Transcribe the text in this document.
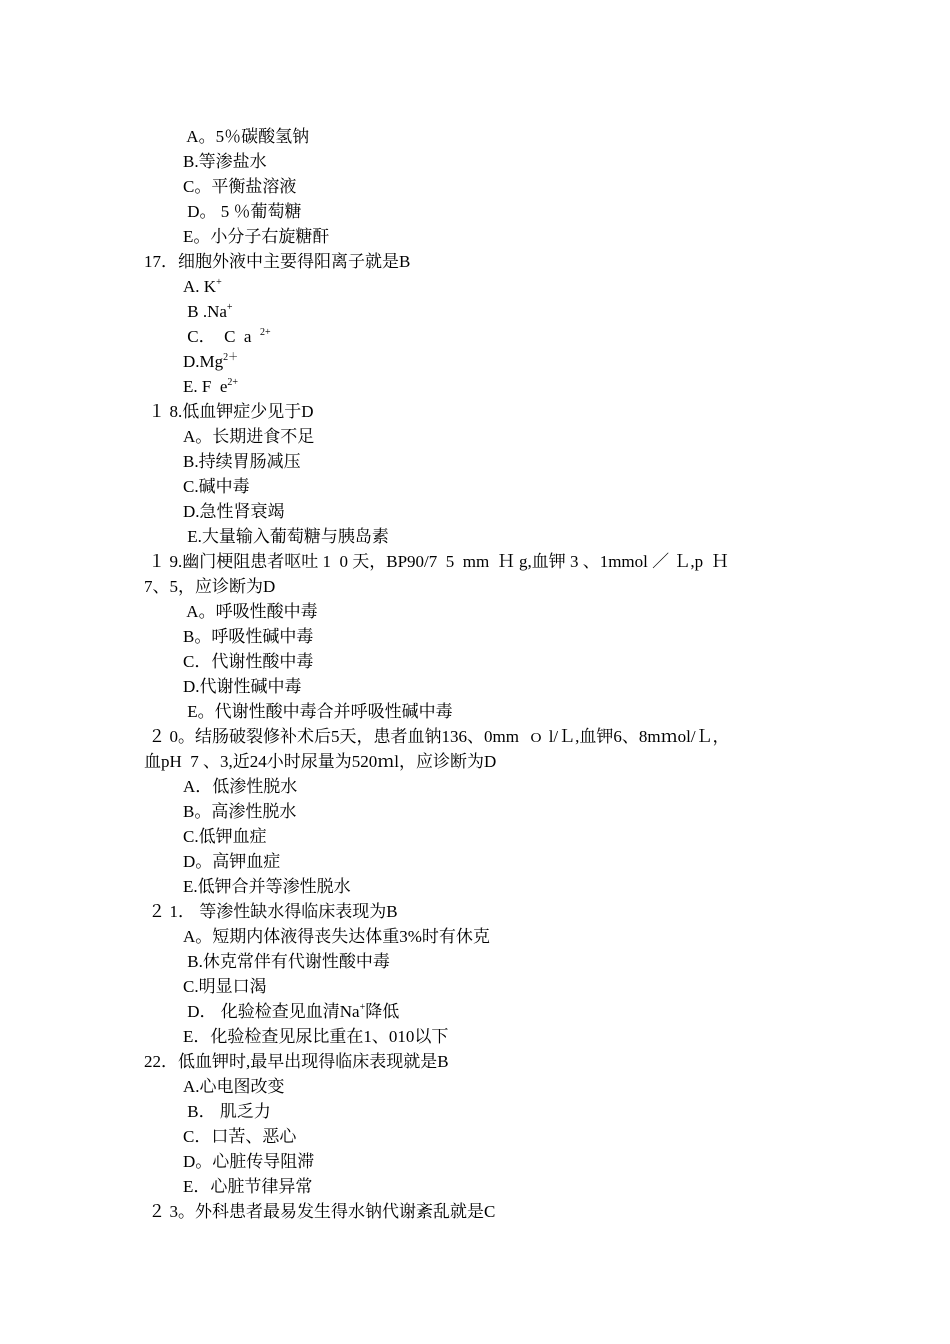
A。5％碳酸氢钠
B.等渗盐水
C。平衡盐溶液
D。 5 ％葡萄糖
E。小分子右旋糖酐
17．细胞外液中主要得阳离子就是B
A. K+
B .Na+
C．  C  a  $^{2+}$
$D.Mg^{2+}$
E. F  $e^{2+}$
１ 8.低血钾症少见于D
A。长期进食不足
B.持续胃肠减压
C.碱中毒
D.急性肾衰竭
E.大量输入葡萄糖与胰岛素
１ 9.幽门梗阻患者呕吐 1  0 天，BP90/7  5  mm  Ｈ g,血钾 3 、1mmol ／ Ｌ,p  Ｈ
7、5，应诊断为D
A。呼吸性酸中毒
B。呼吸性碱中毒
C．代谢性酸中毒
D.代谢性碱中毒
E。代谢性酸中毒合并呼吸性碱中毒
２ 0。结肠破裂修补术后5天，患者血钠136、0mm  ｏ l/Ｌ,血钾6、8mｍol/Ｌ，
血pH  7 、3,近24小时尿量为520ｍl，应诊断为D
A．低渗性脱水
B。高渗性脱水
C.低钾血症
D。高钾血症
E.低钾合并等渗性脱水
２ 1． 等渗性缺水得临床表现为B
A。短期内体液得丧失达体重3%时有休克
B.休克常伴有代谢性酸中毒
C.明显口渴
D． 化验检查见血清Na+降低
E．化验检查见尿比重在1、010以下
22．低血钾时,最早出现得临床表现就是B
A.心电图改变
B． 肌乏力
C．口苦、恶心
D。心脏传导阻滞
E．心脏节律异常
２ 3。外科患者最易发生得水钠代谢紊乱就是C
